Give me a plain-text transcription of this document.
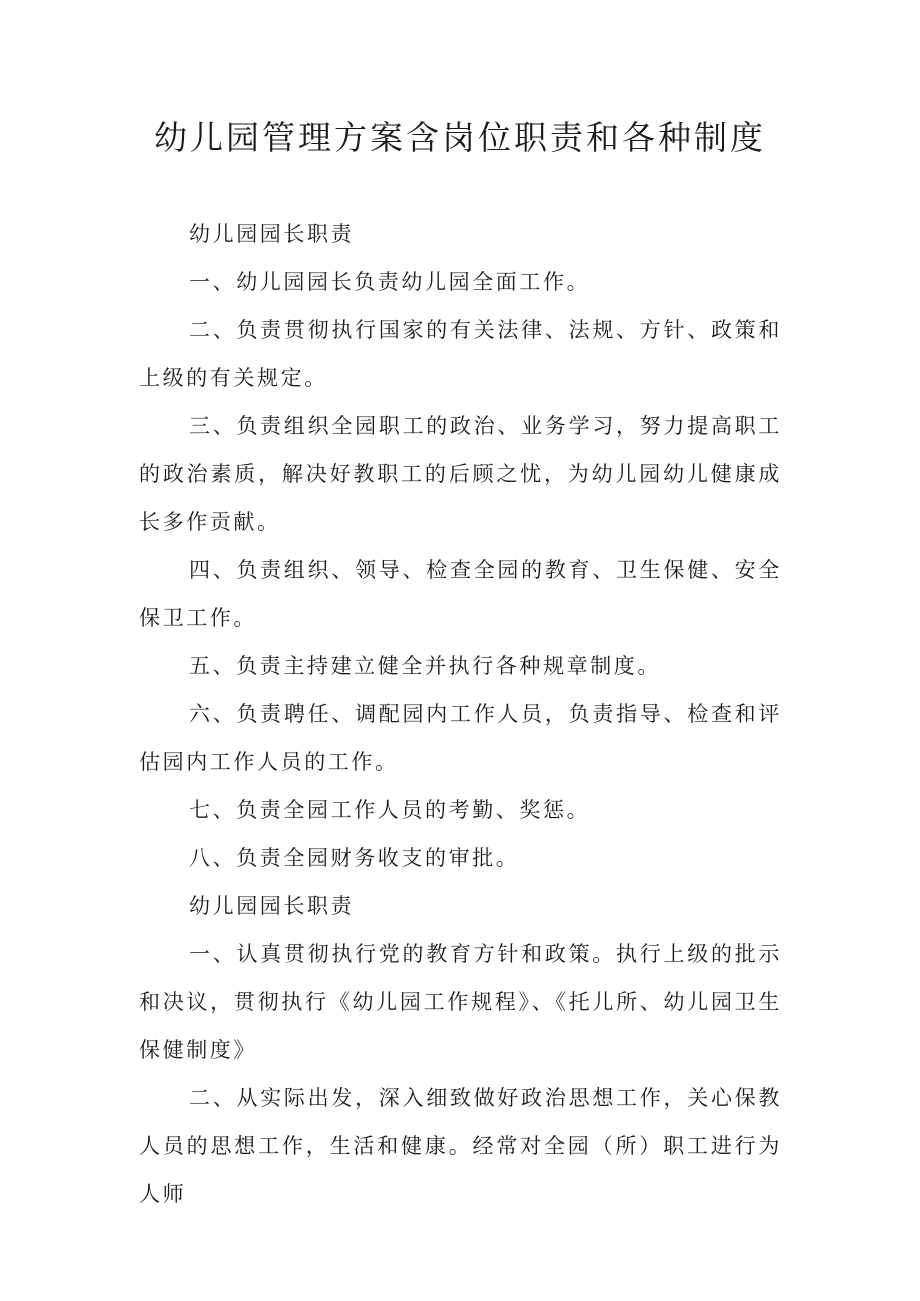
幼儿园管理方案含岗位职责和各种制度

幼儿园园长职责

一、幼儿园园长负责幼儿园全面工作。

二、负责贯彻执行国家的有关法律、法规、方针、政策和上级的有关规定。

三、负责组织全园职工的政治、业务学习，努力提高职工的政治素质，解决好教职工的后顾之忧，为幼儿园幼儿健康成长多作贡献。

四、负责组织、领导、检查全园的教育、卫生保健、安全保卫工作。

五、负责主持建立健全并执行各种规章制度。

六、负责聘任、调配园内工作人员，负责指导、检查和评估园内工作人员的工作。

七、负责全园工作人员的考勤、奖惩。

八、负责全园财务收支的审批。

幼儿园园长职责

一、认真贯彻执行党的教育方针和政策。执行上级的批示和决议，贯彻执行《幼儿园工作规程》、《托儿所、幼儿园卫生保健制度》

二、从实际出发，深入细致做好政治思想工作，关心保教人员的思想工作，生活和健康。经常对全园（所）职工进行为人师
